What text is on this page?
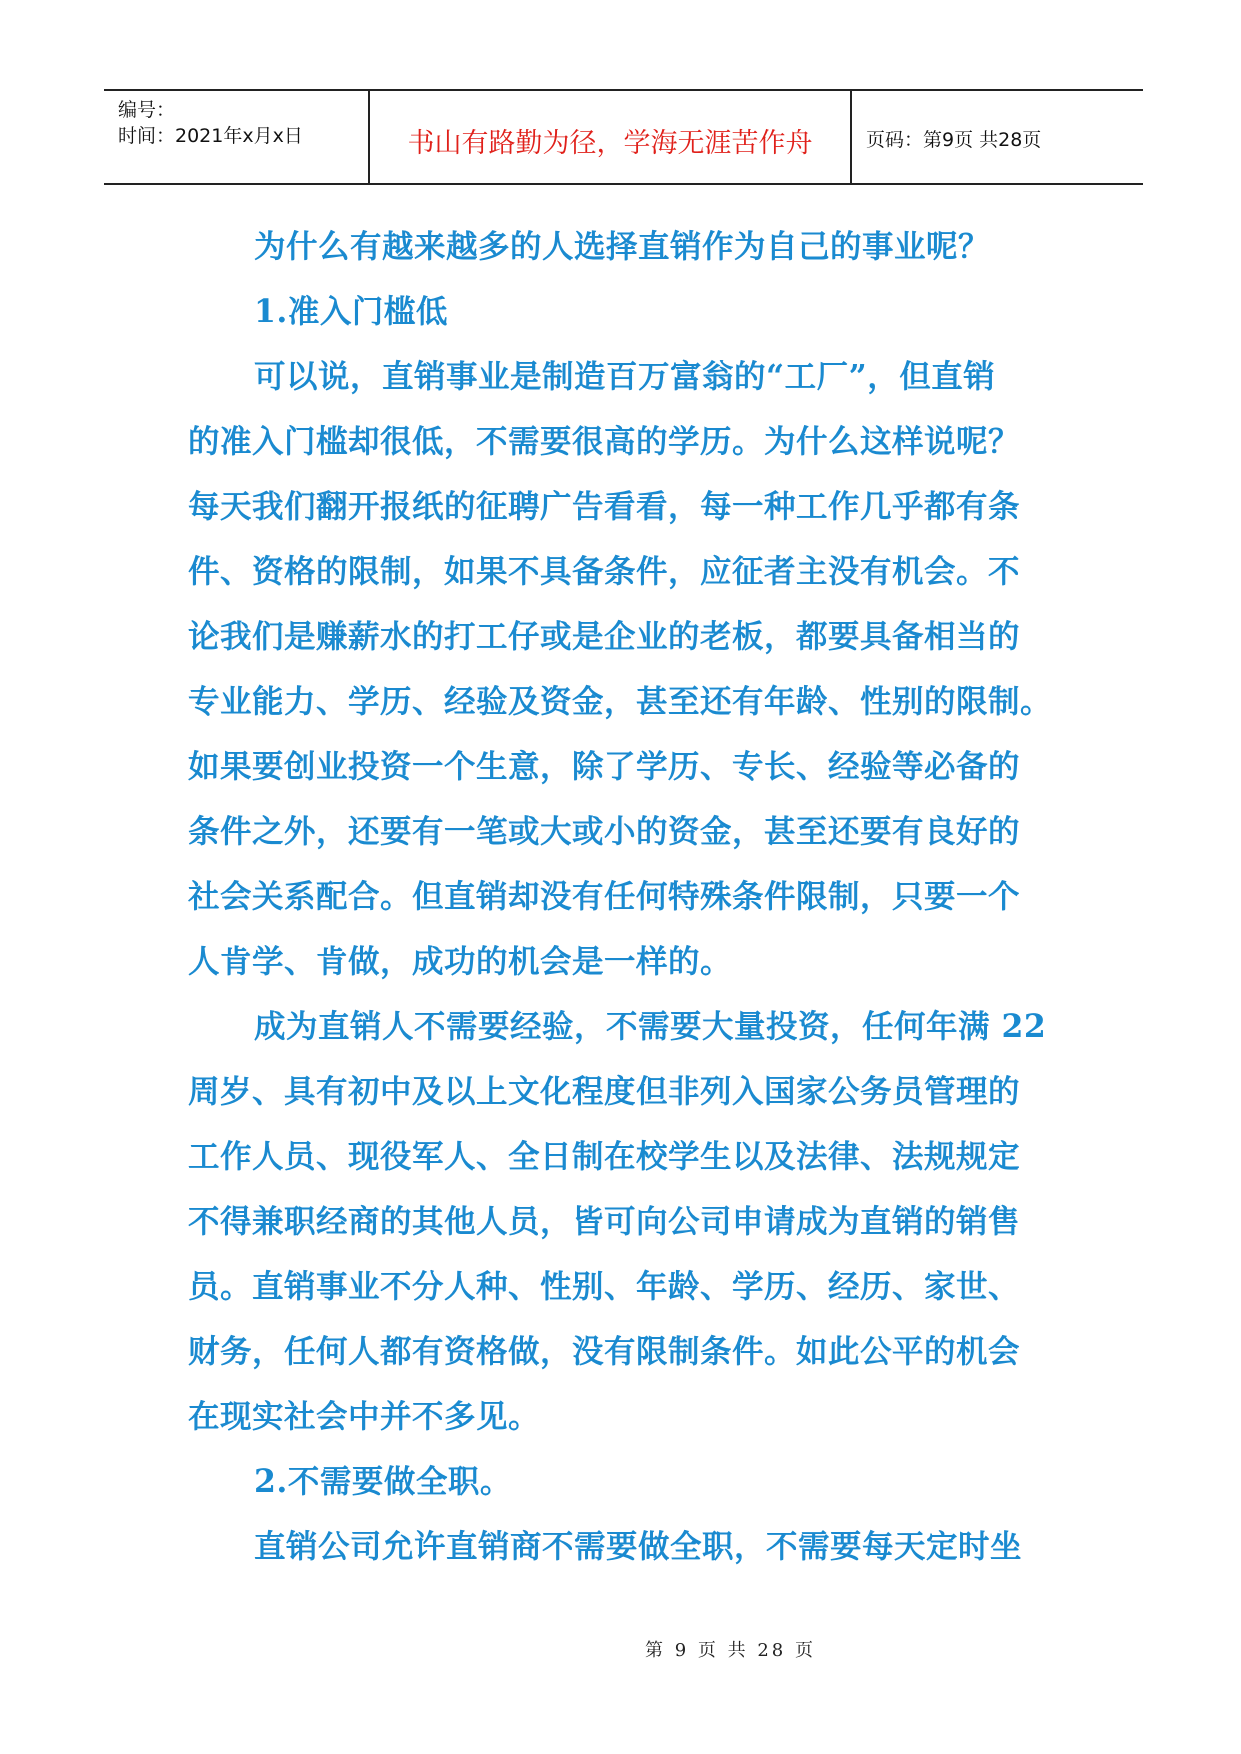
编号：
时间：2021年x月x日	书山有路勤为径，学海无涯苦作舟	页码：第9页 共28页
为什么有越来越多的人选择直销作为自己的事业呢？
1.准入门槛低
可以说，直销事业是制造百万富翁的“工厂”，但直销
的准入门槛却很低，不需要很高的学历。为什么这样说呢？
每天我们翻开报纸的征聘广告看看，每一种工作几乎都有条
件、资格的限制，如果不具备条件，应征者主没有机会。不
论我们是赚薪水的打工仔或是企业的老板，都要具备相当的
专业能力、学历、经验及资金，甚至还有年龄、性别的限制。
如果要创业投资一个生意，除了学历、专长、经验等必备的
条件之外，还要有一笔或大或小的资金，甚至还要有良好的
社会关系配合。但直销却没有任何特殊条件限制，只要一个
人肯学、肯做，成功的机会是一样的。
成为直销人不需要经验，不需要大量投资，任何年满 22
周岁、具有初中及以上文化程度但非列入国家公务员管理的
工作人员、现役军人、全日制在校学生以及法律、法规规定
不得兼职经商的其他人员，皆可向公司申请成为直销的销售
员。直销事业不分人种、性别、年龄、学历、经历、家世、
财务，任何人都有资格做，没有限制条件。如此公平的机会
在现实社会中并不多见。
2.不需要做全职。
直销公司允许直销商不需要做全职，不需要每天定时坐
第 9 页 共 28 页
